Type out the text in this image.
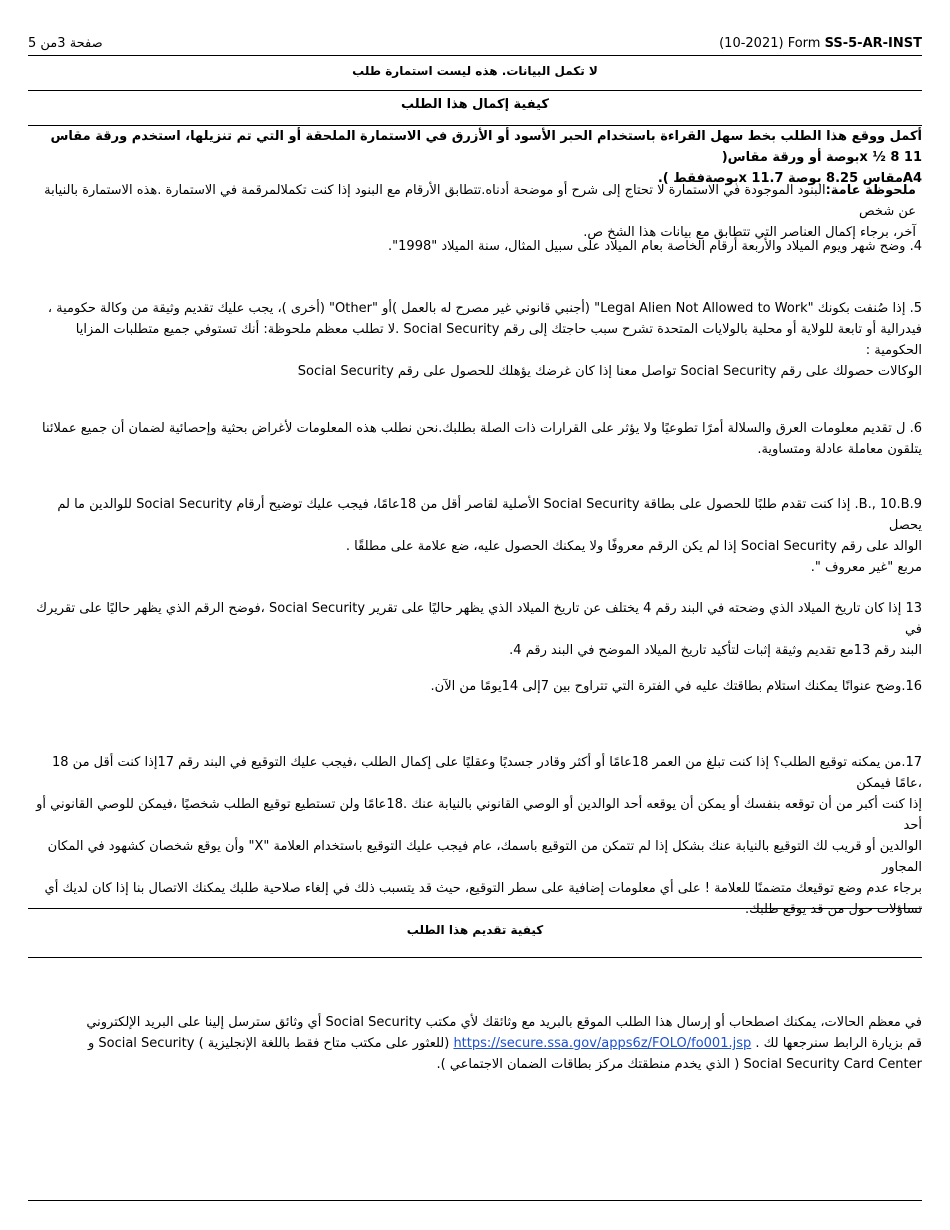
صفحة 3من 5	(10-2021) Form SS-5-AR-INST
لا تكمل البيانات. هذه ليست استمارة طلب
كيفية إكمال هذا الطلب
أكمل ووقع هذا الطلب بخط سهل القراءة باستخدام الحبر الأسود أو الأزرق في الاستمارة الملحقة أو التي تم تنزيلها، استخدم ورقة مقاس 11 x ½ 8بوصة أو ورقة مقاس(
A4مقاس 8.25 بوصة x 11.7بوصةفقط ).
ملحوظة عامة:البنود الموجودة في الاستمارة لا تحتاج إلى شرح أو موضحة أدناه.تتطابق الأرقام مع البنود إذا كنت تكملالمرقمة في الاستمارة .هذه الاستمارة بالنيابة عن شخص
آخر، برجاء إكمال العناصر التي تتطابق مع بيانات هذا الشخ ص.
4. وضح شهر ويوم الميلاد والأربعة أرقام الخاصة بعام الميلاد على سبيل المثال، سنة الميلاد "1998".
5. إذا صُنفت بكونك "Legal Alien Not Allowed to Work" (أجنبي قانوني غير مصرح له بالعمل )أو "Other" (أخرى )، يجب عليك تقديم وثيقة من وكالة حكومية ،
فيدرالية أو تابعة للولاية أو محلية بالولايات المتحدة تشرح سبب حاجتك إلى رقم Social Security .لا تطلب معظم ملحوظة: أنك تستوفي جميع متطلبات المزايا الحكومية :
الوكالات حصولك على رقم Social Security تواصل معنا إذا كان غرضك يؤهلك للحصول على رقم Social Security
6. ل تقديم معلومات العرق والسلالة أمرًا تطوعيًا ولا يؤثر على القرارات ذات الصلة بطلبك.نحن نطلب هذه المعلومات لأغراض بحثية وإحصائية لضمان أن جميع عملائنا
يتلقون معاملة عادلة ومتساوية.
9.B., 10.B. إذا كنت تقدم طلبًا للحصول على بطاقة Social Security الأصلية لقاصر أقل من 18عامًا، فيجب عليك توضيح أرقام Social Security للوالدين ما لم يحصل
الوالد على رقم Social Security إذا لم يكن الرقم معروفًا ولا يمكنك الحصول عليه، ضع علامة على مطلقًا .
مربع "غير معروف ".
13 إذا كان تاريخ الميلاد الذي وضحته في البند رقم 4 يختلف عن تاريخ الميلاد الذي يظهر حاليًا على تقرير Social Security ،فوضح الرقم الذي يظهر حاليًا على تقريرك في
البند رقم 13مع تقديم وثيقة إثبات لتأكيد تاريخ الميلاد الموضح في البند رقم 4.
16.وضح عنوانًا يمكنك استلام بطاقتك عليه في الفترة التي تتراوح بين 7إلى 14يومًا من الآن.
17.من يمكنه توقيع الطلب؟ إذا كنت تبلغ من العمر 18عامًا أو أكثر وقادر جسديًا وعقليًا على إكمال الطلب ،فيجب عليك التوقيع في البند رقم 17إذا كنت أقل من 18 ،عامًا فيمكن
إذا كنت أكبر من أن توقعه بنفسك أو يمكن أن يوقعه أحد الوالدين أو الوصي القانوني بالنيابة عنك .18عامًا ولن تستطيع توقيع الطلب شخصيًا ،فيمكن للوصي القانوني أو أحد
الوالدين أو قريب لك التوقيع بالنيابة عنك بشكل إذا لم تتمكن من التوقيع باسمك، عام فيجب عليك التوقيع باستخدام العلامة "X" وأن يوقع شخصان كشهود في المكان المجاور
برجاء عدم وضع توقيعك متضمنًا للعلامة ! على أي معلومات إضافية على سطر التوقيع، حيث قد يتسبب ذلك في إلغاء صلاحية طلبك يمكنك الاتصال بنا إذا كان لديك أي
تساؤلات حول من قد يوقع طلبك.
كيفية تقديم هذا الطلب
في معظم الحالات، يمكنك اصطحاب أو إرسال هذا الطلب الموقع بالبريد مع وثائقك لأي مكتب Social Security أي وثائق سترسل إلينا على البريد الإلكتروني
قم بزيارة الرابط سنرجعها لك . https://secure.ssa.gov/apps6z/FOLO/fo001.jsp (للعثور على مكتب متاح فقط باللغة الإنجليزية ) Social Security و
Social Security Card Center ( الذي يخدم منطقتك مركز بطاقات الضمان الاجتماعي ).
